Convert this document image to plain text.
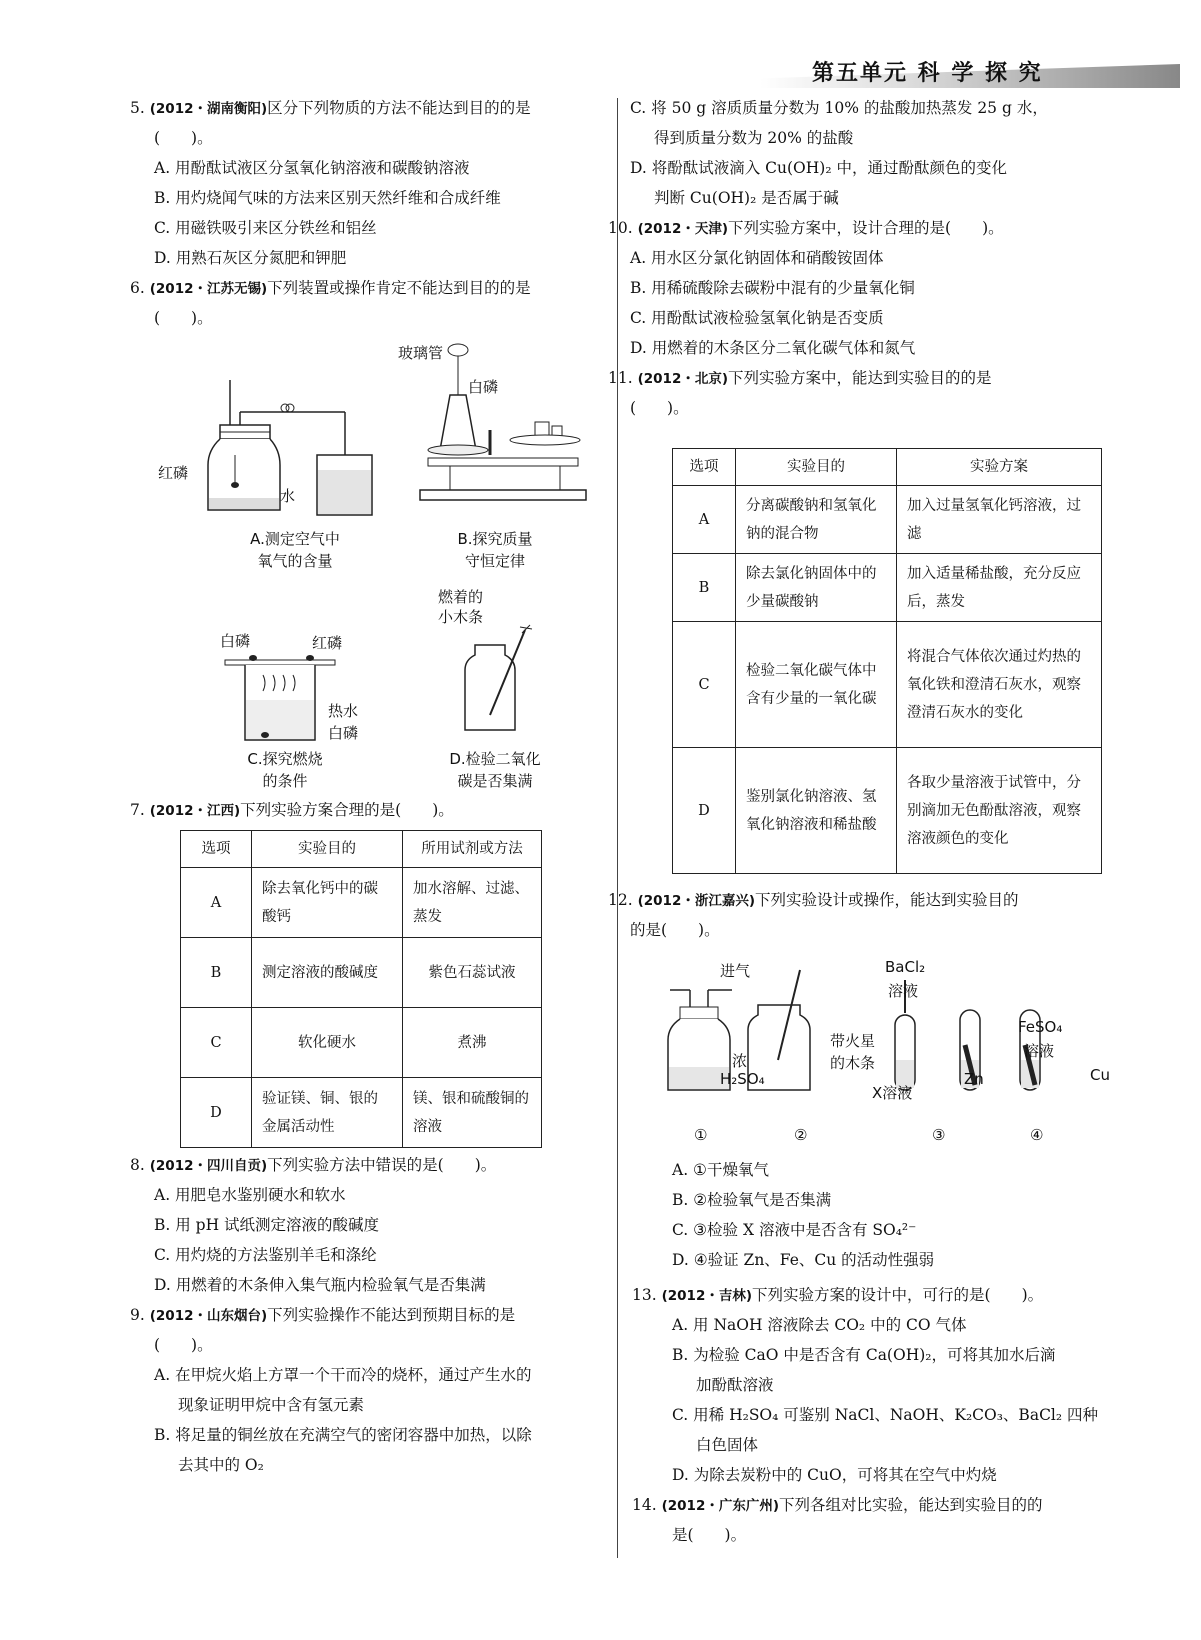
第五单元 科 学 探 究
5. (2012・湖南衡阳)区分下列物质的方法不能达到目的的是
(　　)。
A. 用酚酞试液区分氢氧化钠溶液和碳酸钠溶液
B. 用灼烧闻气味的方法来区别天然纤维和合成纤维
C. 用磁铁吸引来区分铁丝和铝丝
D. 用熟石灰区分氮肥和钾肥
6. (2012・江苏无锡)下列装置或操作肯定不能达到目的的是
(　　)。
红磷
水
A.测定空气中
氧气的含量
玻璃管
白磷
B.探究质量
守恒定律
白磷	红磷
热水
白磷
C.探究燃烧
的条件
燃着的
小木条
D.检验二氧化
碳是否集满
7. (2012・江西)下列实验方案合理的是(　　)。
选项	实验目的	所用试剂或方法
A	除去氧化钙中的碳酸钙	加水溶解、过滤、蒸发
B	测定溶液的酸碱度	紫色石蕊试液
C	软化硬水	煮沸
D	验证镁、铜、银的金属活动性	镁、银和硫酸铜的溶液
8. (2012・四川自贡)下列实验方法中错误的是(　　)。
A. 用肥皂水鉴别硬水和软水
B. 用 pH 试纸测定溶液的酸碱度
C. 用灼烧的方法鉴别羊毛和涤纶
D. 用燃着的木条伸入集气瓶内检验氧气是否集满
9. (2012・山东烟台)下列实验操作不能达到预期目标的是
(　　)。
A. 在甲烷火焰上方罩一个干而冷的烧杯，通过产生水的
现象证明甲烷中含有氢元素
B. 将足量的铜丝放在充满空气的密闭容器中加热，以除
去其中的 O₂
C. 将 50 g 溶质质量分数为 10% 的盐酸加热蒸发 25 g 水，
得到质量分数为 20% 的盐酸
D. 将酚酞试液滴入 Cu(OH)₂ 中，通过酚酞颜色的变化
判断 Cu(OH)₂ 是否属于碱
10. (2012・天津)下列实验方案中，设计合理的是(　　)。
A. 用水区分氯化钠固体和硝酸铵固体
B. 用稀硫酸除去碳粉中混有的少量氧化铜
C. 用酚酞试液检验氢氧化钠是否变质
D. 用燃着的木条区分二氧化碳气体和氮气
11. (2012・北京)下列实验方案中，能达到实验目的的是
(　　)。
选项	实验目的	实验方案
A	分离碳酸钠和氢氧化钠的混合物	加入过量氢氧化钙溶液，过滤
B	除去氯化钠固体中的少量碳酸钠	加入适量稀盐酸，充分反应后，蒸发
C	检验二氧化碳气体中含有少量的一氧化碳	将混合气体依次通过灼热的氧化铁和澄清石灰水，观察澄清石灰水的变化
D	鉴别氯化钠溶液、氢氧化钠溶液和稀盐酸	各取少量溶液于试管中，分别滴加无色酚酞溶液，观察溶液颜色的变化
12. (2012・浙江嘉兴)下列实验设计或操作，能达到实验目的
的是(　　)。
进气
浓
H₂SO₄
带火星
的木条
BaCl₂
溶液
X溶液
FeSO₄
溶液
Zn	Cu
①	②	③	④
A. ①干燥氧气
B. ②检验氧气是否集满
C. ③检验 X 溶液中是否含有 SO₄²⁻
D. ④验证 Zn、Fe、Cu 的活动性强弱
13. (2012・吉林)下列实验方案的设计中，可行的是(　　)。
A. 用 NaOH 溶液除去 CO₂ 中的 CO 气体
B. 为检验 CaO 中是否含有 Ca(OH)₂，可将其加水后滴
加酚酞溶液
C. 用稀 H₂SO₄ 可鉴别 NaCl、NaOH、K₂CO₃、BaCl₂ 四种
白色固体
D. 为除去炭粉中的 CuO，可将其在空气中灼烧
14. (2012・广东广州)下列各组对比实验，能达到实验目的的
是(　　)。
